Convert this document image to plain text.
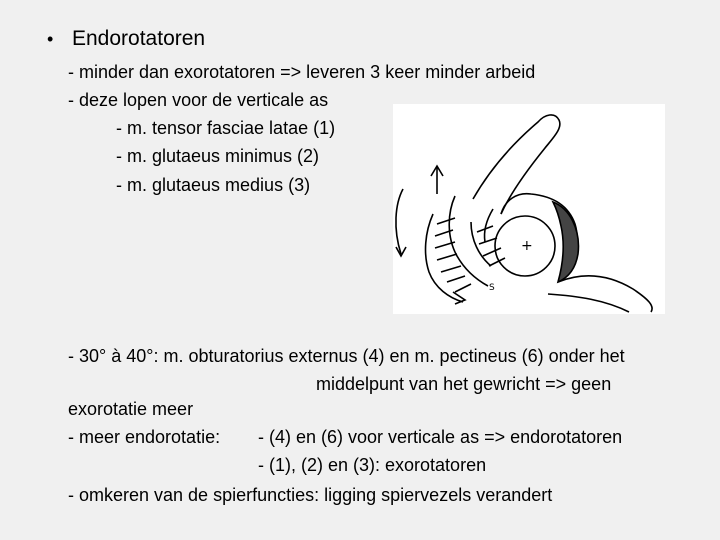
• Endorotatoren
- minder dan exorotatoren => leveren 3 keer minder arbeid
- deze lopen voor de verticale as
- m. tensor fasciae latae (1)
- m. glutaeus minimus (2)
- m. glutaeus medius (3)
+
S
- 30° à 40°: m. obturatorius externus (4) en m. pectineus (6) onder het
middelpunt van het gewricht => geen
exorotatie meer
- meer endorotatie: - (4) en (6) voor verticale as => endorotatoren
- (1), (2) en (3): exorotatoren
- omkeren van de spierfuncties: ligging spiervezels verandert
